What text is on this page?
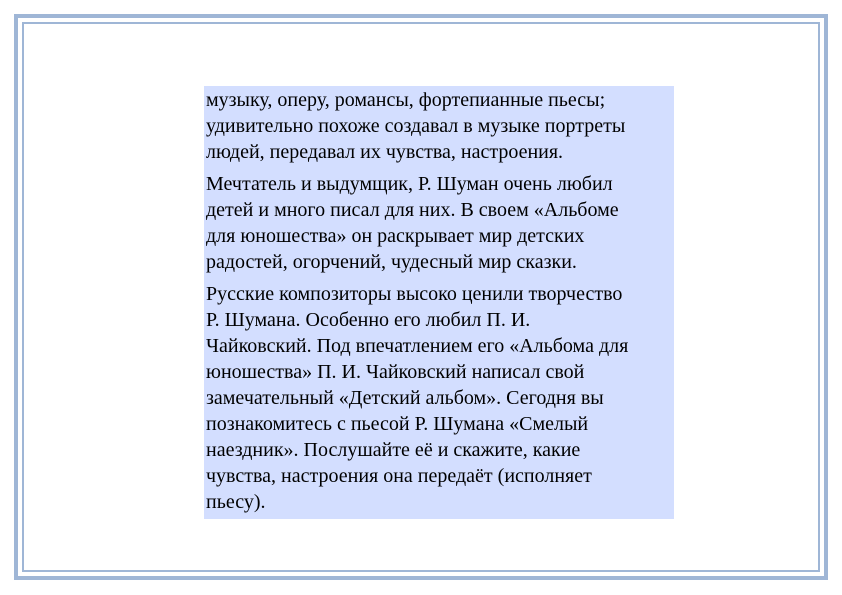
музыку, оперу, романсы, фортепианные пьесы;
удивительно похоже создавал в музыке портреты
людей, передавал их чувства, настроения.

Мечтатель и выдумщик, Р. Шуман очень любил
детей и много писал для них. В своем «Альбоме
для юношества» он раскрывает мир детских
радостей, огорчений, чудесный мир сказки.

Русские композиторы высоко ценили творчество
Р. Шумана. Особенно его любил П. И.
Чайковский. Под впечатлением его «Альбома для
юношества» П. И. Чайковский написал свой
замечательный «Детский альбом». Сегодня вы
познакомитесь с пьесой Р. Шумана «Смелый
наездник». Послушайте её и скажите, какие
чувства, настроения она передаёт (исполняет
пьесу).
